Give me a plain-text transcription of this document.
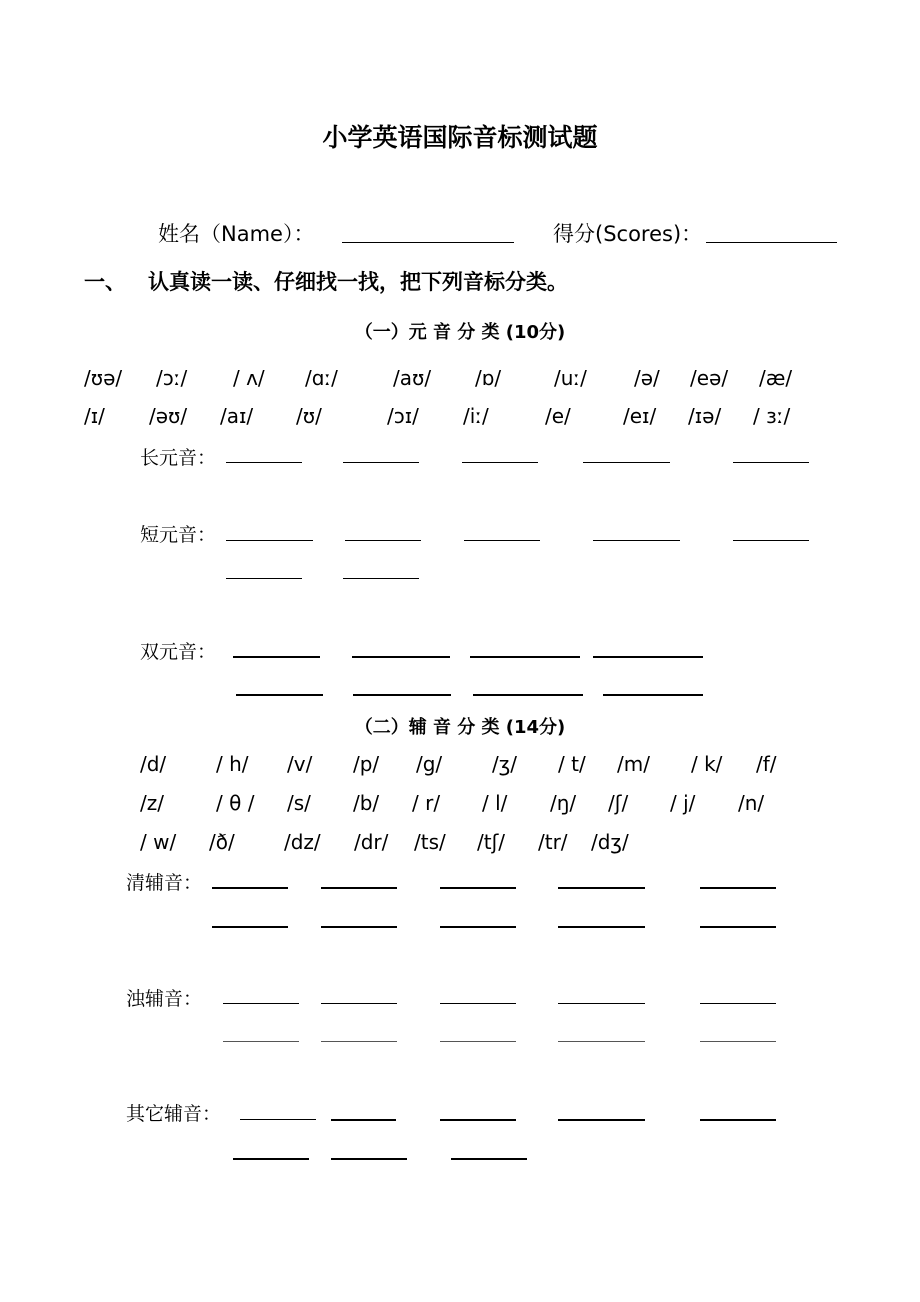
小学英语国际音标测试题
姓名（Name）：	得分(Scores)：
一、 认真读一读、仔细找一找，把下列音标分类。
（一）元 音 分 类 (10分)
/ʊə/ /ɔː/ / ʌ/ /ɑː/	/aʊ/ /ɒ/	/uː/ /ə/ /eə/ /æ/
/ɪ/ /əʊ/ /aɪ/ /ʊ/	/ɔɪ/ /iː/	/e/	/eɪ/ /ɪə/ / ɜː/
长元音：
短元音：
双元音：
（二）辅 音 分 类 (14分)
/d/ / h/ /v/ /p/ /g/ /ʒ/ / t/ /m/ / k/ /f/
/z/	/ θ / /s/ /b/ / r/ / l/ /ŋ/ /ʃ/ / j/ /n/
/ w/ /ð/ /dz/ /dr/ /ts/ /tʃ/ /tr/ /dʒ/
清辅音：
浊辅音：
其它辅音：
